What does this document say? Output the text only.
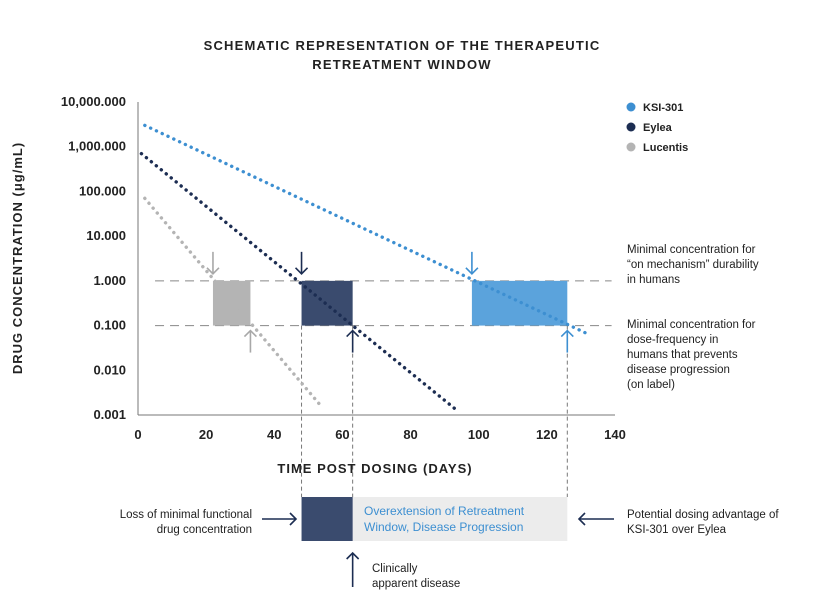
SCHEMATIC REPRESENTATION OF THE THERAPEUTIC
RETREATMENT WINDOW
10,000.000
1,000.000
100.000
10.000
1.000
0.100
0.010
0.001
0	20	40	60	80	100	120	140
TIME POST DOSING (DAYS)
DRUG CONCENTRATION (μg/mL)
KSI-301
Eylea
Lucentis
Minimal concentration for
“on mechanism” durability
in humans
Minimal concentration for
dose-frequency in
humans that prevents
disease progression
(on label)
Overextension of Retreatment
Window, Disease Progression
Loss of minimal functional
drug concentration
Potential dosing advantage of
KSI-301 over Eylea
Clinically
apparent disease
